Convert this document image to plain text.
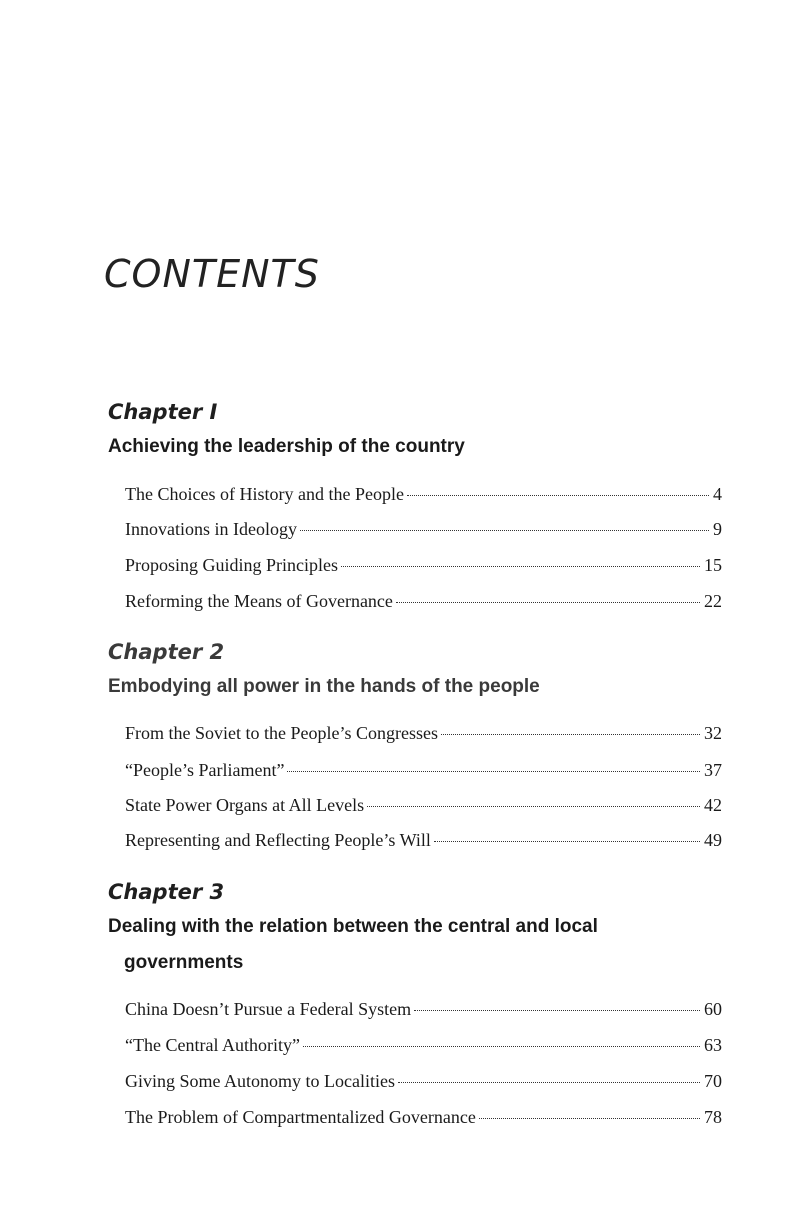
CONTENTS
Chapter I
Achieving the leadership of the country
The Choices of History and the People	4
Innovations in Ideology	9
Proposing Guiding Principles	15
Reforming the Means of Governance	22
Chapter 2
Embodying all power in the hands of the people
From the Soviet to the People’s Congresses	32
“People’s Parliament”	37
State Power Organs at All Levels	42
Representing and Reflecting People’s Will	49
Chapter 3
Dealing with the relation between the central and local
governments
China Doesn’t Pursue a Federal System	60
“The Central Authority”	63
Giving Some Autonomy to Localities	70
The Problem of Compartmentalized Governance	78
